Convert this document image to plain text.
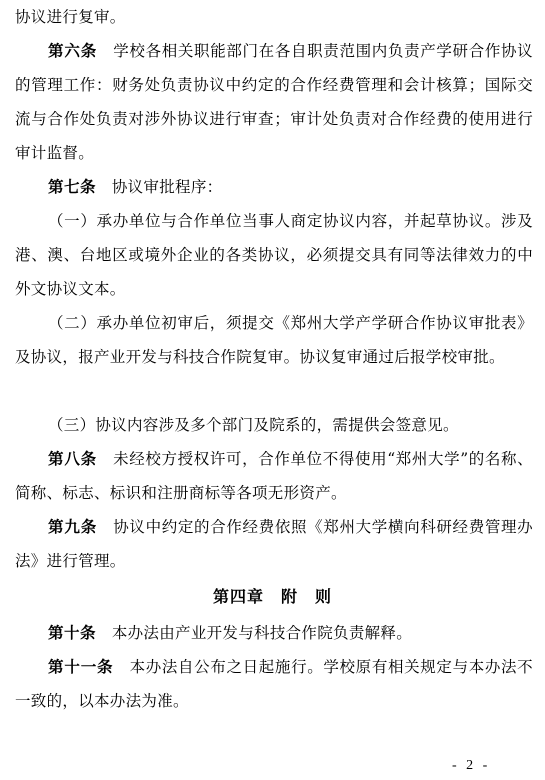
协议进行复审。

第六条　 学校各相关职能部门在各自职责范围内负责产学研合作协议的管理工作：财务处负责协议中约定的合作经费管理和会计核算；国际交流与合作处负责对涉外协议进行审查；审计处负责对合作经费的使用进行审计监督。

第七条　 协议审批程序：

（一）承办单位与合作单位当事人商定协议内容，并起草协议。涉及港、澳、台地区或境外企业的各类协议，必须提交具有同等法律效力的中外文协议文本。

（二）承办单位初审后，须提交《郑州大学产学研合作协议审批表》及协议，报产业开发与科技合作院复审。协议复审通过后报学校审批。

（三）协议内容涉及多个部门及院系的，需提供会签意见。

第八条　 未经校方授权许可，合作单位不得使用“郑州大学”的名称、简称、标志、标识和注册商标等各项无形资产。

第九条　 协议中约定的合作经费依照《郑州大学横向科研经费管理办法》进行管理。

第四章　附　则

第十条　 本办法由产业开发与科技合作院负责解释。

第十一条　 本办法自公布之日起施行。学校原有相关规定与本办法不一致的，以本办法为准。

- 2 -
